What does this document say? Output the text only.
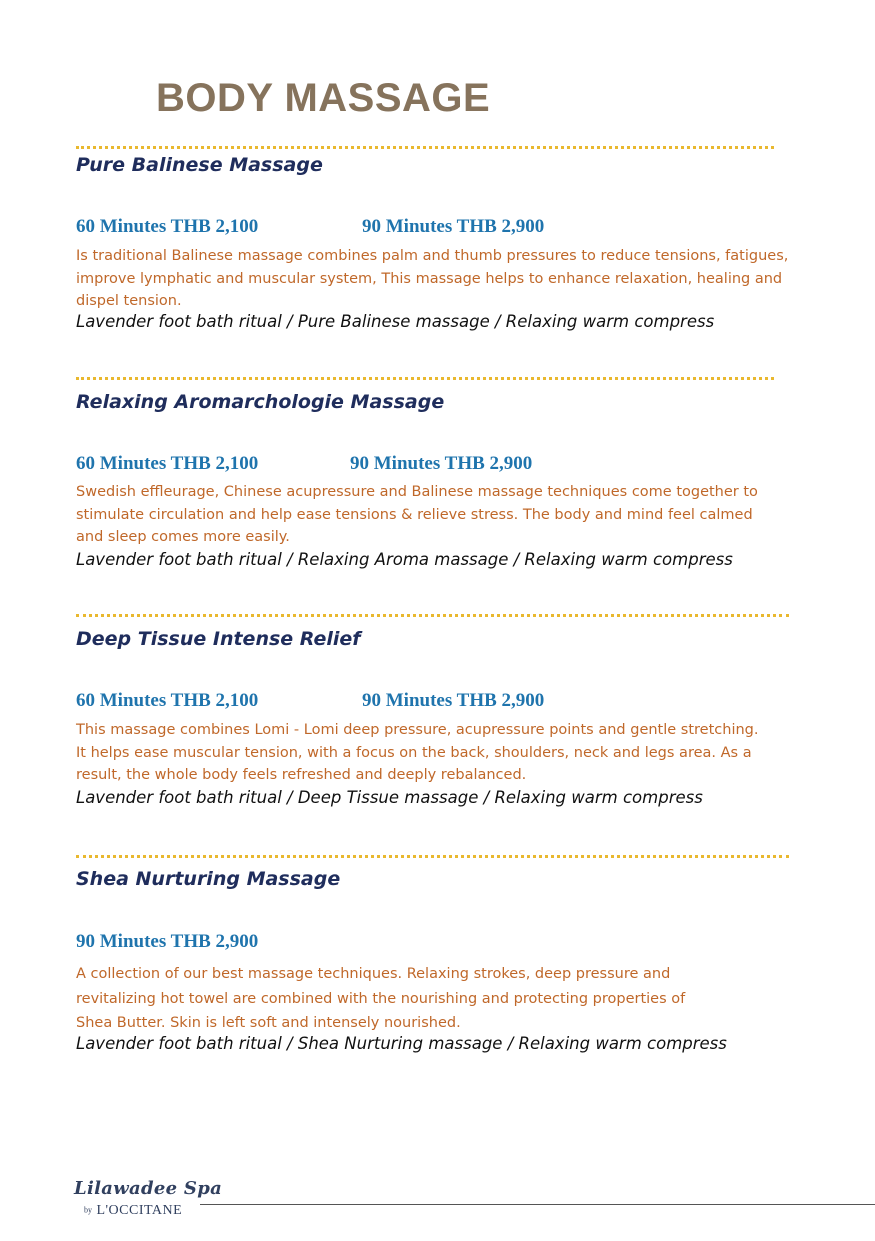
BODY MASSAGE
Pure Balinese Massage
60 Minutes THB 2,100	90 Minutes THB 2,900
Is traditional Balinese massage combines palm and thumb pressures to reduce tensions, fatigues,
improve lymphatic and muscular system, This massage helps to enhance relaxation, healing and
dispel tension.

Lavender foot bath ritual / Pure Balinese massage / Relaxing warm compress

Relaxing Aromarchologie Massage
60 Minutes THB 2,100	90 Minutes THB 2,900
Swedish effleurage, Chinese acupressure and Balinese massage techniques come together to
stimulate circulation and help ease tensions & relieve stress. The body and mind feel calmed
and sleep comes more easily.

Lavender foot bath ritual / Relaxing Aroma massage / Relaxing warm compress

Deep Tissue Intense Relief
60 Minutes THB 2,100	90 Minutes THB 2,900
This massage combines Lomi - Lomi deep pressure, acupressure points and gentle stretching.
It helps ease muscular tension, with a focus on the back, shoulders, neck and legs area. As a
result, the whole body feels refreshed and deeply rebalanced.

Lavender foot bath ritual / Deep Tissue massage / Relaxing warm compress

Shea Nurturing Massage
90 Minutes THB 2,900
A collection of our best massage techniques. Relaxing strokes, deep pressure and
revitalizing hot towel are combined with the nourishing and protecting properties of
Shea Butter. Skin is left soft and intensely nourished.

Lavender foot bath ritual / Shea Nurturing massage / Relaxing warm compress

Lilawadee Spa
by L'OCCITANE
